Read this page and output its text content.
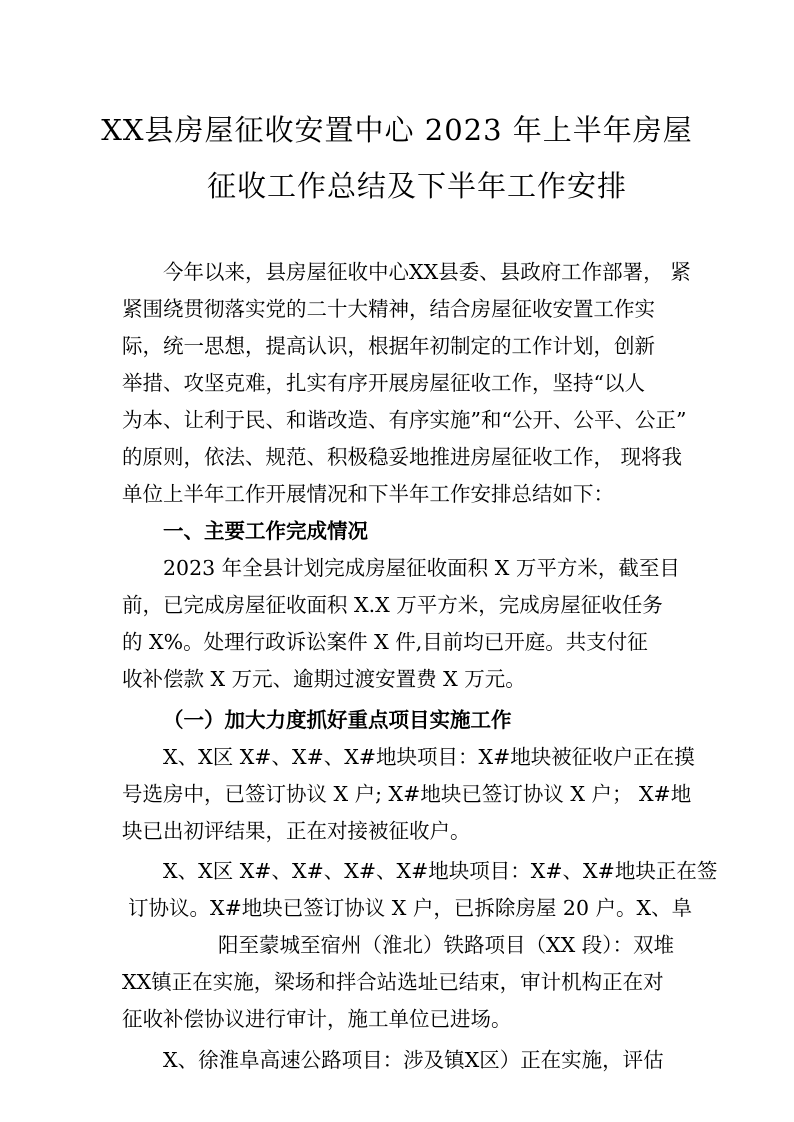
XX县房屋征收安置中心 2023 年上半年房屋
征收工作总结及下半年工作安排
今年以来，县房屋征收中心XX县委、县政府工作部署， 紧
紧围绕贯彻落实党的二十大精神，结合房屋征收安置工作实
际，统一思想，提高认识，根据年初制定的工作计划，创新
举措、攻坚克难，扎实有序开展房屋征收工作，坚持“以人
为本、让利于民、和谐改造、有序实施”和“公开、公平、公正”
的原则，依法、规范、积极稳妥地推进房屋征收工作， 现将我
单位上半年工作开展情况和下半年工作安排总结如下：
一、主要工作完成情况
2023 年全县计划完成房屋征收面积 X 万平方米，截至目
前，已完成房屋征收面积 X.X 万平方米，完成房屋征收任务
的 X%。处理行政诉讼案件 X 件,目前均已开庭。共支付征
收补偿款 X 万元、逾期过渡安置费 X 万元。
（一）加大力度抓好重点项目实施工作
X、X区 X#、X#、X#地块项目：X#地块被征收户正在摸
号选房中，已签订协议 X 户; X#地块已签订协议 X 户； X#地
块已出初评结果，正在对接被征收户。
X、X区 X#、X#、X#、X#地块项目：X#、X#地块正在签
订协议。X#地块已签订协议 X 户，已拆除房屋 20 户。X、阜
阳至蒙城至宿州（淮北）铁路项目（XX 段）：双堆
XX镇正在实施，梁场和拌合站选址已结束，审计机构正在对
征收补偿协议进行审计，施工单位已进场。
X、徐淮阜高速公路项目：涉及镇X区）正在实施，评估
